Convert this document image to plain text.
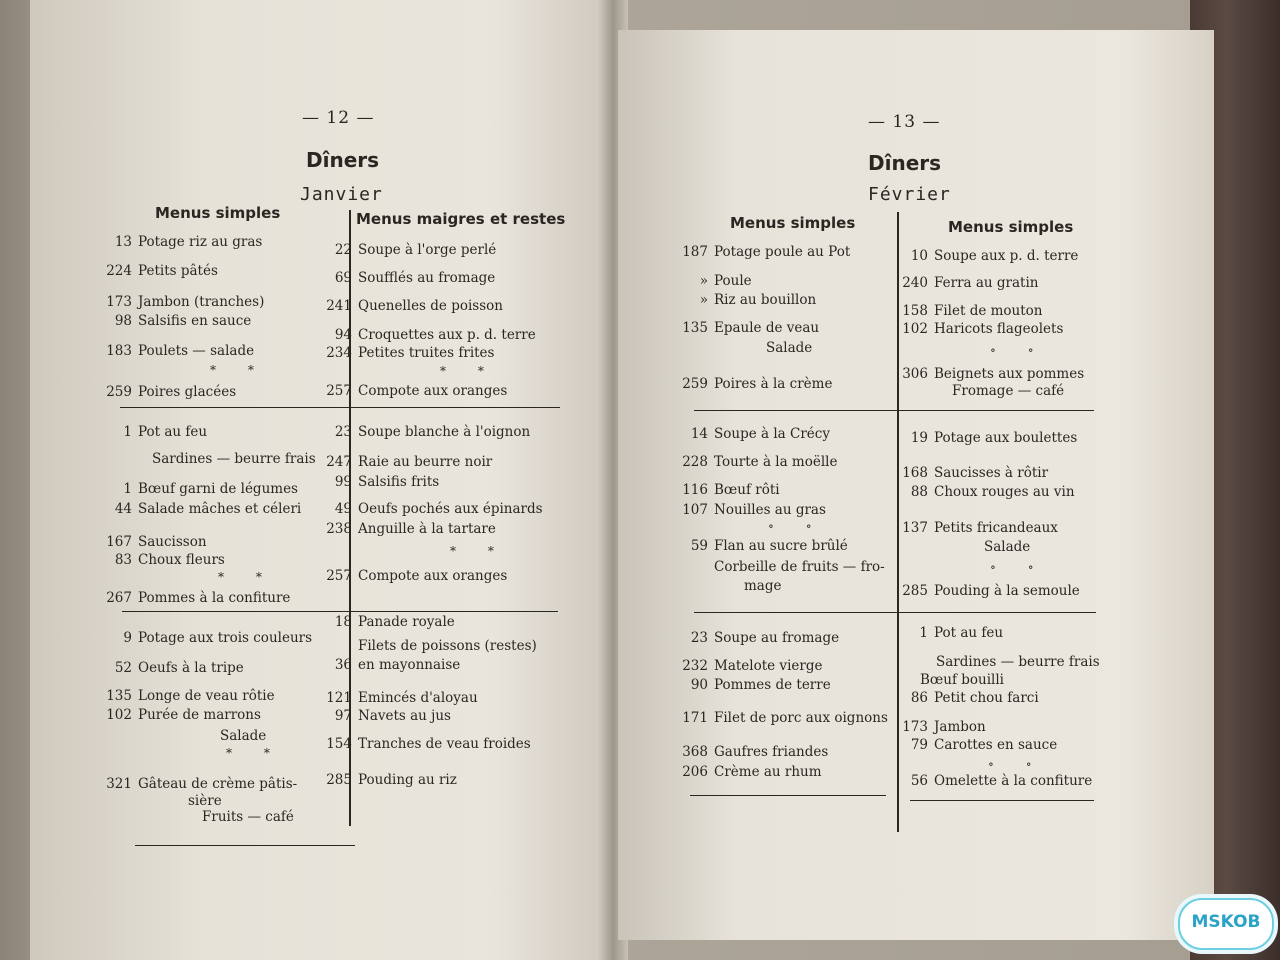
— 12 —
Dîners
Janvier
Menus simples	Menus maigres et restes
13 Potage riz au gras
224 Petits pâtés
173 Jambon (tranches)
98 Salsifis en sauce
183 Poulets — salade
* *
259 Poires glacées
1 Pot au feu
Sardines — beurre frais
1 Bœuf garni de légumes
44 Salade mâches et céleri
167 Saucisson
83 Choux fleurs
* *
267 Pommes à la confiture
9 Potage aux trois couleurs
52 Oeufs à la tripe
135 Longe de veau rôtie
102 Purée de marrons
Salade
* *
321 Gâteau de crème pâtis-
sière
Fruits — café
22 Soupe à l'orge perlé
69 Soufflés au fromage
241 Quenelles de poisson
94 Croquettes aux p. d. terre
234 Petites truites frites
* *
257 Compote aux oranges
23 Soupe blanche à l'oignon
247 Raie au beurre noir
99 Salsifis frits
49 Oeufs pochés aux épinards
238 Anguille à la tartare
* *
257 Compote aux oranges
18 Panade royale
Filets de poissons (restes)
36 en mayonnaise
121 Emincés d'aloyau
97 Navets au jus
154 Tranches de veau froides
285 Pouding au riz
— 13 —
Dîners
Février
Menus simples	Menus simples
187 Potage poule au Pot
» Poule
» Riz au bouillon
135 Epaule de veau
Salade
259 Poires à la crème
14 Soupe à la Crécy
228 Tourte à la moëlle
116 Bœuf rôti
107 Nouilles au gras
∘ ∘
59 Flan au sucre brûlé
Corbeille de fruits — fro-
mage
23 Soupe au fromage
232 Matelote vierge
90 Pommes de terre
171 Filet de porc aux oignons
368 Gaufres friandes
206 Crème au rhum
10 Soupe aux p. d. terre
240 Ferra au gratin
158 Filet de mouton
102 Haricots flageolets
∘ ∘
306 Beignets aux pommes
Fromage — café
19 Potage aux boulettes
168 Saucisses à rôtir
88 Choux rouges au vin
137 Petits fricandeaux
Salade
∘ ∘
285 Pouding à la semoule
1 Pot au feu
Sardines — beurre frais
Bœuf bouilli
86 Petit chou farci
173 Jambon
79 Carottes en sauce
∘ ∘
56 Omelette à la confiture
MSKOB
